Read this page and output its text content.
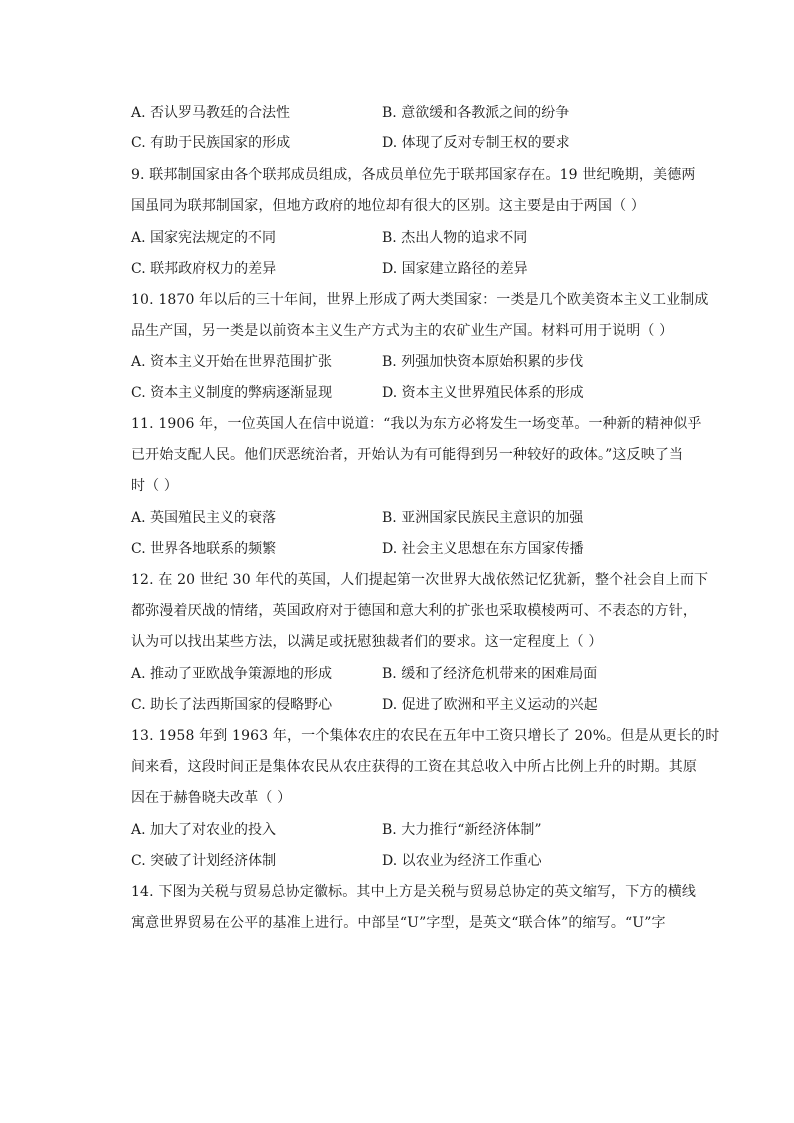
A. 否认罗马教廷的合法性	B. 意欲缓和各教派之间的纷争
C. 有助于民族国家的形成	D. 体现了反对专制王权的要求
9. 联邦制国家由各个联邦成员组成，各成员单位先于联邦国家存在。19 世纪晚期，美德两
国虽同为联邦制国家，但地方政府的地位却有很大的区别。这主要是由于两国（ ）
A. 国家宪法规定的不同	B. 杰出人物的追求不同
C. 联邦政府权力的差异	D. 国家建立路径的差异
10. 1870 年以后的三十年间，世界上形成了两大类国家：一类是几个欧美资本主义工业制成
品生产国，另一类是以前资本主义生产方式为主的农矿业生产国。材料可用于说明（ ）
A. 资本主义开始在世界范围扩张	B. 列强加快资本原始积累的步伐
C. 资本主义制度的弊病逐渐显现	D. 资本主义世界殖民体系的形成
11. 1906 年，一位英国人在信中说道：“我以为东方必将发生一场变革。一种新的精神似乎
已开始支配人民。他们厌恶统治者，开始认为有可能得到另一种较好的政体。”这反映了当
时（ ）
A. 英国殖民主义的衰落	B. 亚洲国家民族民主意识的加强
C. 世界各地联系的频繁	D. 社会主义思想在东方国家传播
12. 在 20 世纪 30 年代的英国，人们提起第一次世界大战依然记忆犹新，整个社会自上而下
都弥漫着厌战的情绪，英国政府对于德国和意大利的扩张也采取模棱两可、不表态的方针，
认为可以找出某些方法，以满足或抚慰独裁者们的要求。这一定程度上（ ）
A. 推动了亚欧战争策源地的形成	B. 缓和了经济危机带来的困难局面
C. 助长了法西斯国家的侵略野心	D. 促进了欧洲和平主义运动的兴起
13. 1958 年到 1963 年，一个集体农庄的农民在五年中工资只增长了 20%。但是从更长的时
间来看，这段时间正是集体农民从农庄获得的工资在其总收入中所占比例上升的时期。其原
因在于赫鲁晓夫改革（ ）
A. 加大了对农业的投入	B. 大力推行“新经济体制”
C. 突破了计划经济体制	D. 以农业为经济工作重心
14. 下图为关税与贸易总协定徽标。其中上方是关税与贸易总协定的英文缩写，下方的横线
寓意世界贸易在公平的基准上进行。中部呈“U”字型，是英文“联合体”的缩写。“U”字
